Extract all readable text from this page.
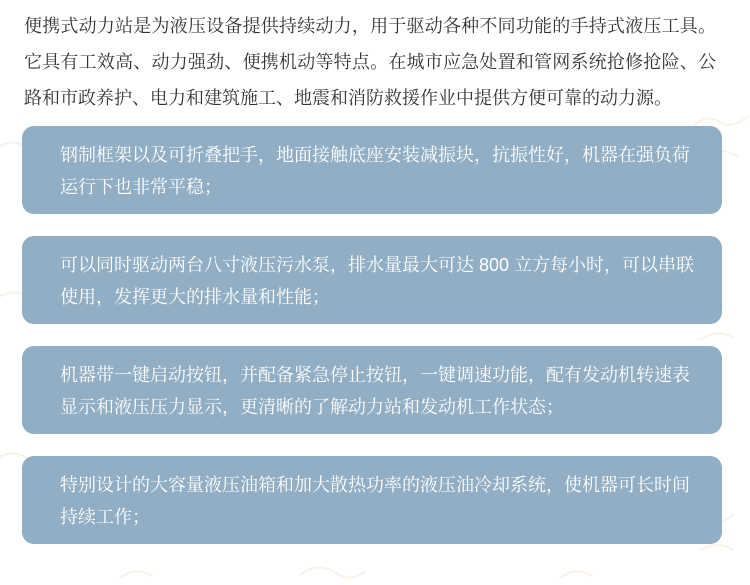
便携式动力站是为液压设备提供持续动力，用于驱动各种不同功能的手持式液压工具。它具有工效高、动力强劲、便携机动等特点。在城市应急处置和管网系统抢修抢险、公路和市政养护、电力和建筑施工、地震和消防救援作业中提供方便可靠的动力源。

钢制框架以及可折叠把手，地面接触底座安装减振块，抗振性好，机器在强负荷运行下也非常平稳；
可以同时驱动两台八寸液压污水泵，排水量最大可达 800 立方每小时，可以串联使用，发挥更大的排水量和性能；
机器带一键启动按钮，并配备紧急停止按钮，一键调速功能，配有发动机转速表显示和液压压力显示，更清晰的了解动力站和发动机工作状态；
特别设计的大容量液压油箱和加大散热功率的液压油冷却系统，使机器可长时间持续工作；
